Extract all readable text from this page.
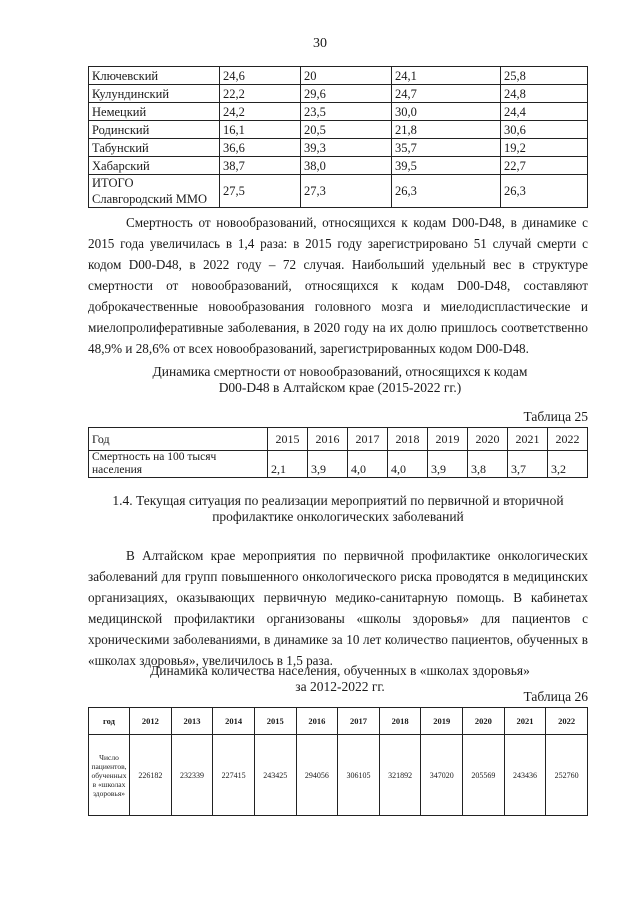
30
Ключевский	24,6	20	24,1	25,8
Кулундинский	22,2	29,6	24,7	24,8
Немецкий	24,2	23,5	30,0	24,4
Родинский	16,1	20,5	21,8	30,6
Табунский	36,6	39,3	35,7	19,2
Хабарский	38,7	38,0	39,5	22,7
ИТОГО Славгородский ММО	27,5	27,3	26,3	26,3

Смертность от новообразований, относящихся к кодам D00-D48, в динамике с 2015 года увеличилась в 1,4 раза: в 2015 году зарегистрировано 51 случай смерти с кодом D00-D48, в 2022 году – 72 случая. Наибольший удельный вес в структуре смертности от новообразований, относящихся к кодам D00-D48, составляют доброкачественные новообразования головного мозга и миелодиспластические и миелопролиферативные заболевания, в 2020 году на их долю пришлось соответственно 48,9% и 28,6% от всех новообразований, зарегистрированных кодом D00-D48.

Динамика смертности от новообразований, относящихся к кодам
D00-D48 в Алтайском крае (2015-2022 гг.)

Таблица 25
Год	2015	2016	2017	2018	2019	2020	2021	2022
Смертность на 100 тысяч населения	2,1	3,9	4,0	4,0	3,9	3,8	3,7	3,2

1.4. Текущая ситуация по реализации мероприятий по первичной и вторичной профилактике онкологических заболеваний

В Алтайском крае мероприятия по первичной профилактике онкологических заболеваний для групп повышенного онкологического риска проводятся в медицинских организациях, оказывающих первичную медико-санитарную помощь. В кабинетах медицинской профилактики организованы «школы здоровья» для пациентов с хроническими заболеваниями, в динамике за 10 лет количество пациентов, обученных в «школах здоровья», увеличилось в 1,5 раза.

Динамика количества населения, обученных в «школах здоровья»
за 2012-2022 гг.

Таблица 26
год	2012	2013	2014	2015	2016	2017	2018	2019	2020	2021	2022
Число пациентов, обученных в «школах здоровья»	226182	232339	227415	243425	294056	306105	321892	347020	205569	243436	252760
